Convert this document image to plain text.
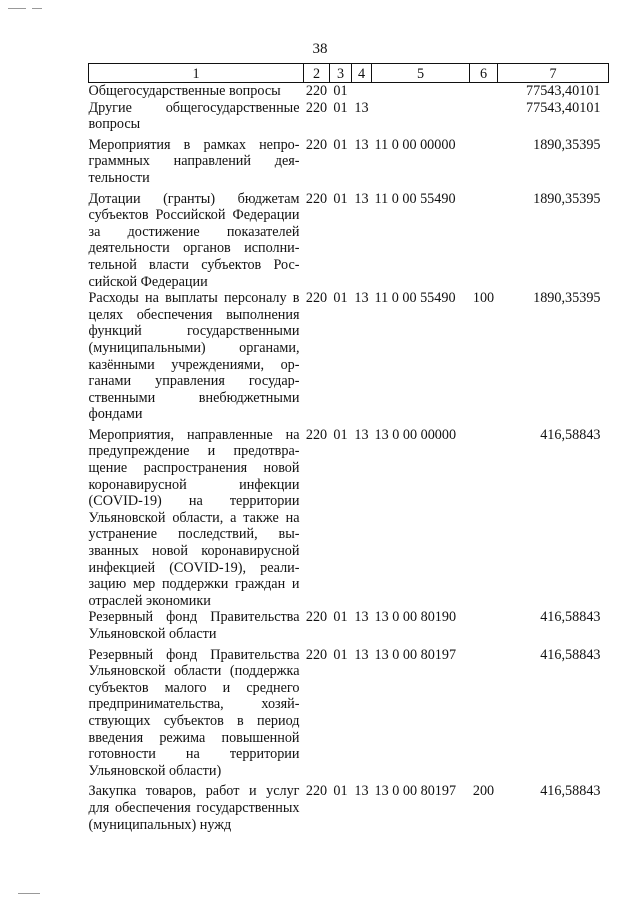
38
1	2	3	4	5	6	7
Общегосударственные вопросы	220	01				77543,40101
Другие общегосударственные вопросы	220	01	13			77543,40101
Мероприятия в рамках непрограммных направлений деятельности	220	01	13	11 0 00 00000		1890,35395
Дотации (гранты) бюджетам субъектов Российской Федерации за достижение показателей деятельности органов исполнительной власти субъектов Российской Федерации	220	01	13	11 0 00 55490		1890,35395
Расходы на выплаты персоналу в целях обеспечения выполнения функций государственными (муниципальными) органами, казёнными учреждениями, органами управления государственными внебюджетными фондами	220	01	13	11 0 00 55490	100	1890,35395
Мероприятия, направленные на предупреждение и предотвращение распространения новой коронавирусной инфекции (COVID-19) на территории Ульяновской области, а также на устранение последствий, вызванных новой коронавирусной инфекцией (COVID-19), реализацию мер поддержки граждан и отраслей экономики	220	01	13	13 0 00 00000		416,58843
Резервный фонд Правительства Ульяновской области	220	01	13	13 0 00 80190		416,58843
Резервный фонд Правительства Ульяновской области (поддержка субъектов малого и среднего предпринимательства, хозяйствующих субъектов в период введения режима повышенной готовности на территории Ульяновской области)	220	01	13	13 0 00 80197		416,58843
Закупка товаров, работ и услуг для обеспечения государственных (муниципальных) нужд	220	01	13	13 0 00 80197	200	416,58843
